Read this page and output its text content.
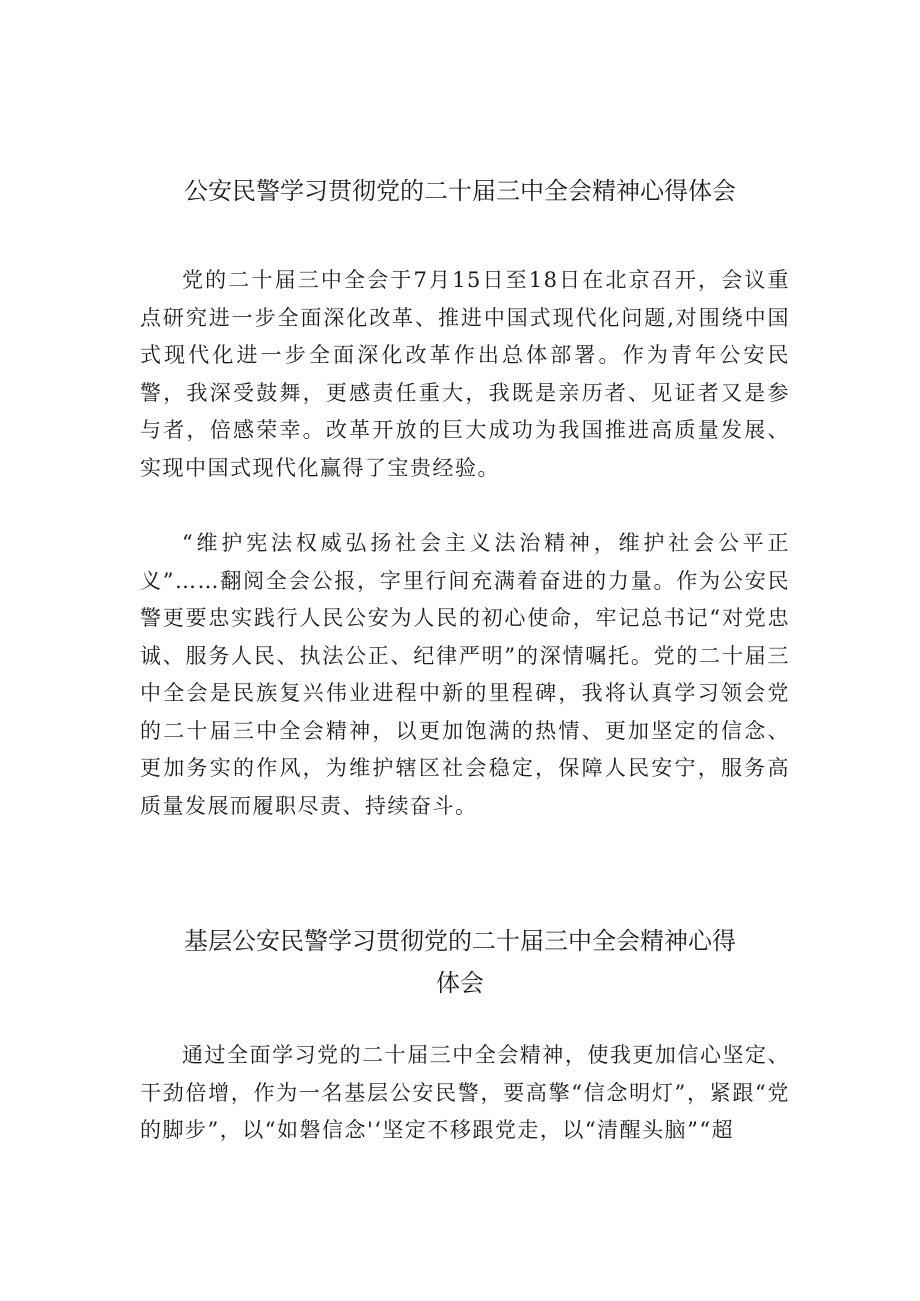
公安民警学习贯彻党的二十届三中全会精神心得体会

党的二十届三中全会于7月15日至18日在北京召开，会议重点研究进一步全面深化改革、推进中国式现代化问题,对围绕中国式现代化进一步全面深化改革作出总体部署。作为青年公安民警，我深受鼓舞，更感责任重大，我既是亲历者、见证者又是参与者，倍感荣幸。改革开放的巨大成功为我国推进高质量发展、实现中国式现代化赢得了宝贵经验。

“维护宪法权威弘扬社会主义法治精神，维护社会公平正义”……翻阅全会公报，字里行间充满着奋进的力量。作为公安民警更要忠实践行人民公安为人民的初心使命，牢记总书记“对党忠诚、服务人民、执法公正、纪律严明”的深情嘱托。党的二十届三中全会是民族复兴伟业进程中新的里程碑，我将认真学习领会党的二十届三中全会精神，以更加饱满的热情、更加坚定的信念、更加务实的作风，为维护辖区社会稳定，保障人民安宁，服务高质量发展而履职尽责、持续奋斗。

基层公安民警学习贯彻党的二十届三中全会精神心得
体会

通过全面学习党的二十届三中全会精神，使我更加信心坚定、干劲倍增，作为一名基层公安民警，要高擎“信念明灯”，紧跟“党的脚步”，以“如磐信念'‘坚定不移跟党走，以“清醒头脑”“超
